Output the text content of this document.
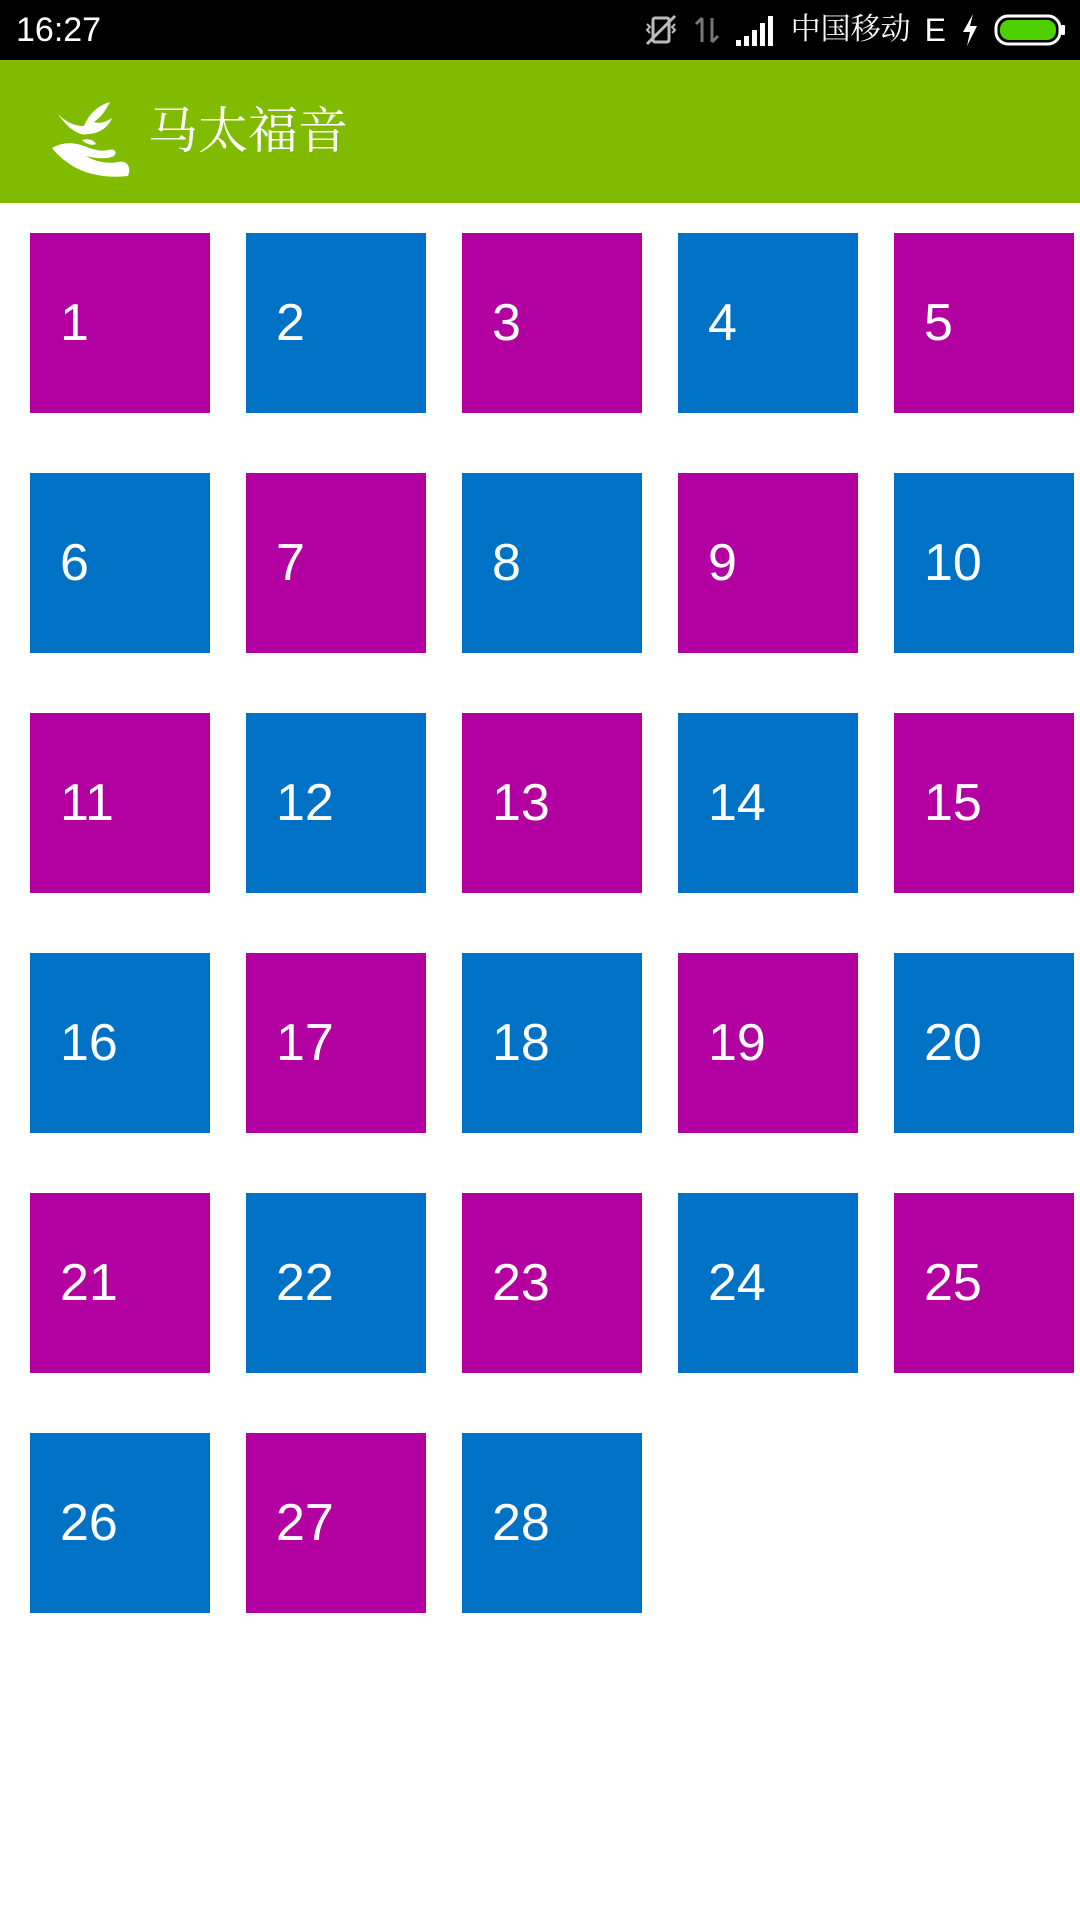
16:27	中国移动 E
马太福音
1	2	3	4	5
6	7	8	9	10
11	12	13	14	15
16	17	18	19	20
21	22	23	24	25
26	27	28
